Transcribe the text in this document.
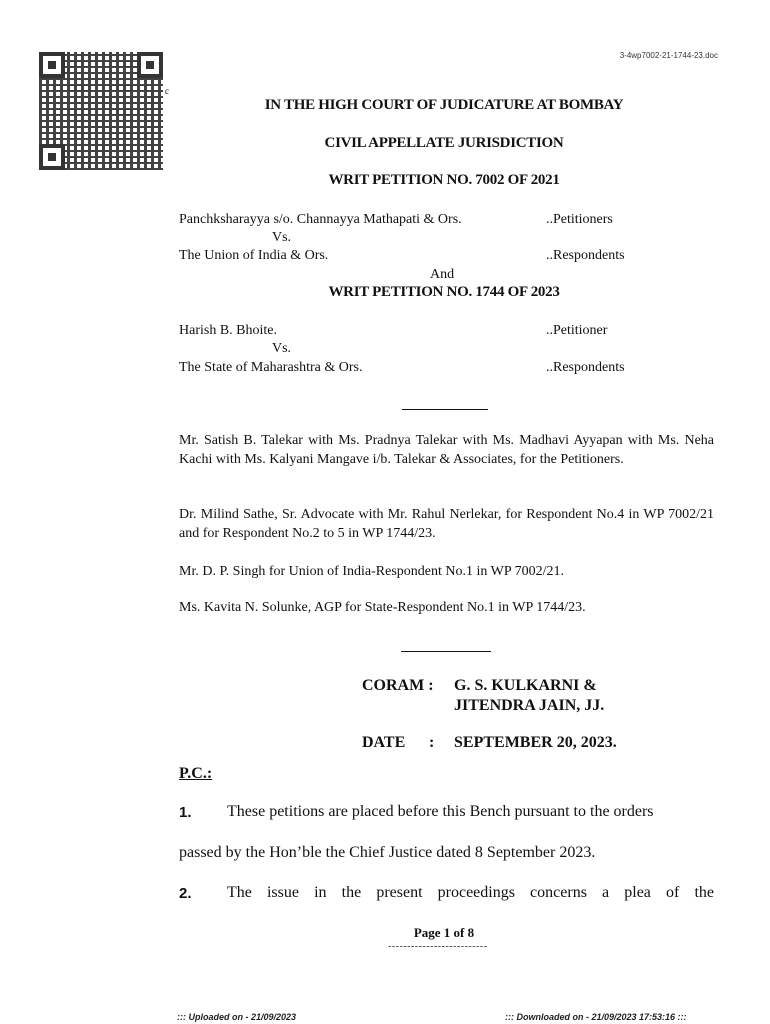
c
3-4wp7002-21-1744-23.doc
IN THE HIGH COURT OF JUDICATURE AT BOMBAY
CIVIL APPELLATE JURISDICTION
WRIT PETITION NO. 7002 OF 2021
Panchksharayya s/o. Channayya Mathapati & Ors.	..Petitioners
Vs.
The Union of India & Ors.	..Respondents
And
WRIT PETITION NO. 1744 OF 2023
Harish B. Bhoite.	..Petitioner
Vs.
The State of Maharashtra & Ors.	..Respondents
Mr. Satish B. Talekar with Ms. Pradnya Talekar with Ms. Madhavi Ayyapan with Ms. Neha Kachi with Ms. Kalyani Mangave i/b. Talekar & Associates, for the Petitioners.
Dr. Milind Sathe, Sr. Advocate with Mr. Rahul Nerlekar, for Respondent No.4 in WP 7002/21 and for Respondent No.2 to 5 in WP 1744/23.
Mr. D. P. Singh for Union of India-Respondent No.1 in WP 7002/21.
Ms. Kavita N. Solunke, AGP for State-Respondent No.1 in WP 1744/23.
CORAM : G. S. KULKARNI &
JITENDRA JAIN, JJ.
DATE : SEPTEMBER 20, 2023.
P.C.:
1. These petitions are placed before this Bench pursuant to the orders
passed by the Hon’ble the Chief Justice dated 8 September 2023.
2. The issue in the present proceedings concerns a plea of the
Page 1 of 8
--------------------------
::: Uploaded on - 21/09/2023	::: Downloaded on - 21/09/2023 17:53:16 :::
